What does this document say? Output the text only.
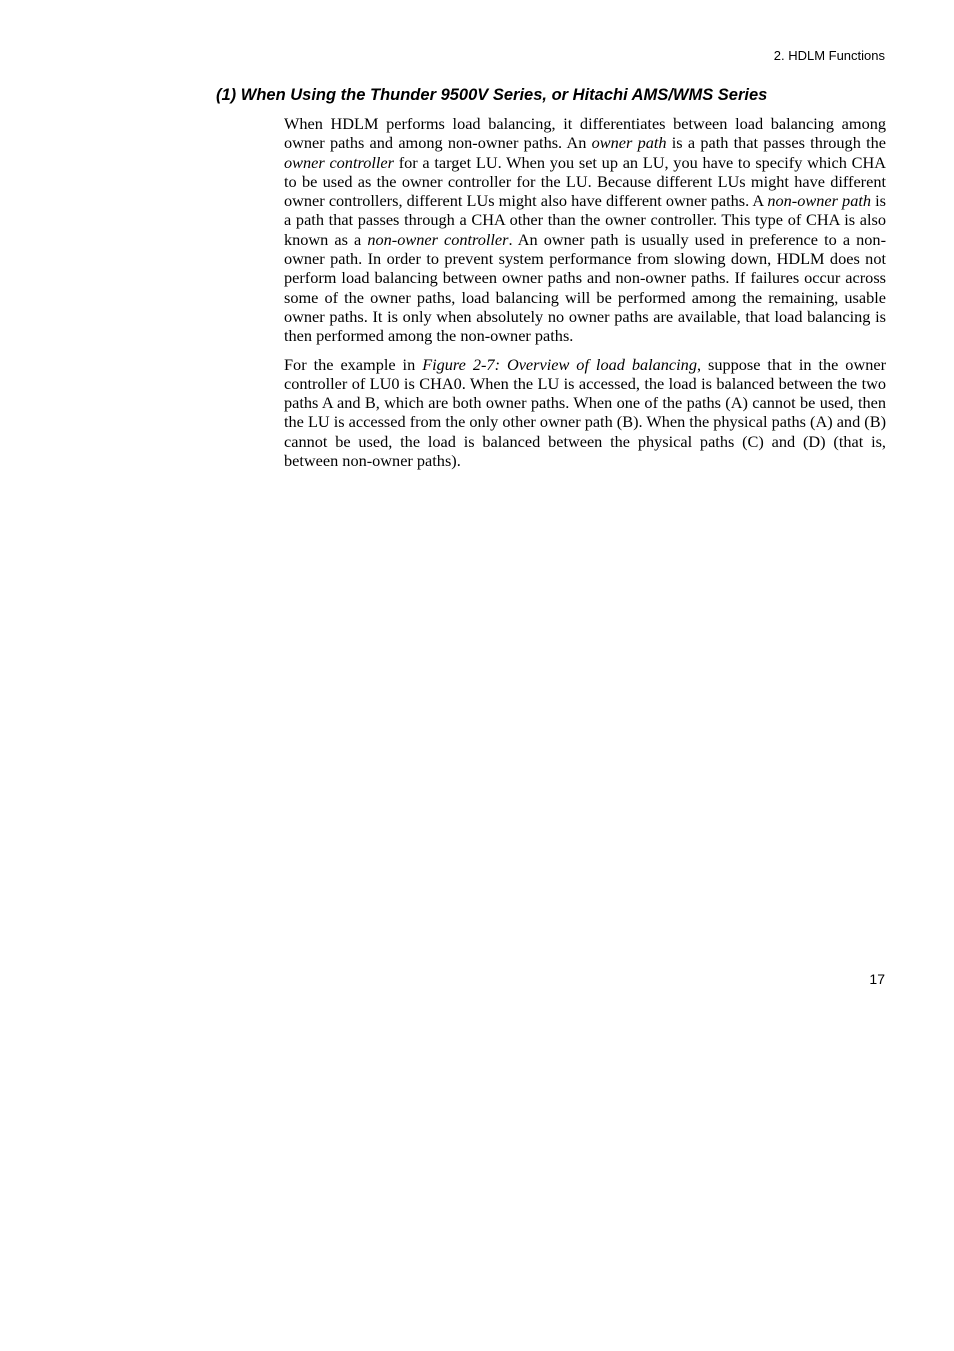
2. HDLM Functions
(1) When Using the Thunder 9500V Series, or Hitachi AMS/WMS Series

When HDLM performs load balancing, it differentiates between load balancing among owner paths and among non-owner paths. An owner path is a path that passes through the owner controller for a target LU. When you set up an LU, you have to specify which CHA to be used as the owner controller for the LU. Because different LUs might have different owner controllers, different LUs might also have different owner paths. A non-owner path is a path that passes through a CHA other than the owner controller. This type of CHA is also known as a non-owner controller. An owner path is usually used in preference to a non-owner path. In order to prevent system performance from slowing down, HDLM does not perform load balancing between owner paths and non-owner paths. If failures occur across some of the owner paths, load balancing will be performed among the remaining, usable owner paths. It is only when absolutely no owner paths are available, that load balancing is then performed among the non-owner paths.

For the example in Figure 2-7: Overview of load balancing, suppose that in the owner controller of LU0 is CHA0. When the LU is accessed, the load is balanced between the two paths A and B, which are both owner paths. When one of the paths (A) cannot be used, then the LU is accessed from the only other owner path (B). When the physical paths (A) and (B) cannot be used, the load is balanced between the physical paths (C) and (D) (that is, between non-owner paths).

17
